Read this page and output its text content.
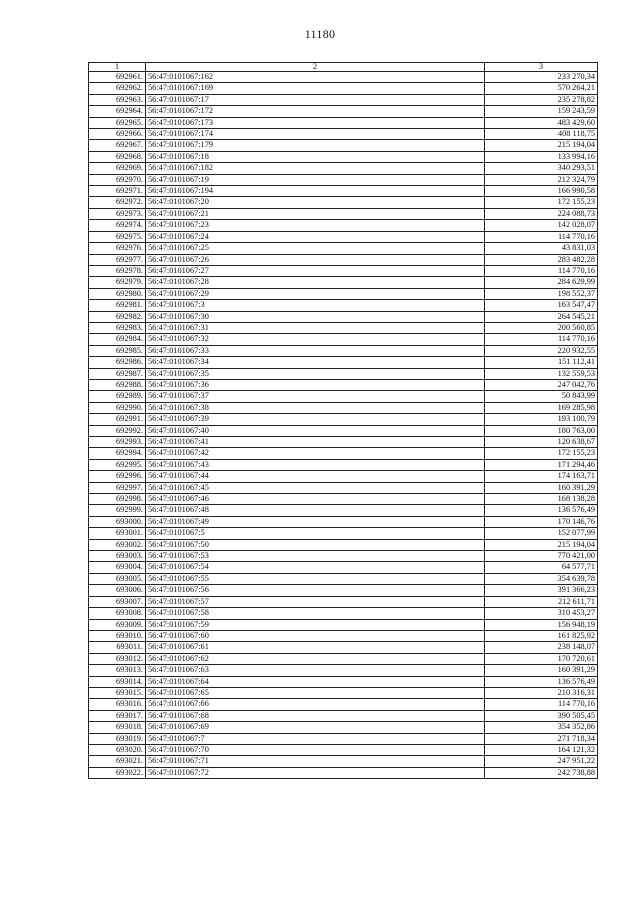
11180
1	2	3
692961.	56:47:0101067:162	233 270,34
692962.	56:47:0101067:169	570 264,21
692963.	56:47:0101067:17	235 278,82
692964.	56:47:0101067:172	159 243,59
692965.	56:47:0101067:173	483 429,60
692966.	56:47:0101067:174	408 118,75
692967.	56:47:0101067:179	215 194,04
692968.	56:47:0101067:18	133 994,16
692969.	56:47:0101067:182	340 293,51
692970.	56:47:0101067:19	212 324,79
692971.	56:47:0101067:194	166 990,58
692972.	56:47:0101067:20	172 155,23
692973.	56:47:0101067:21	224 088,73
692974.	56:47:0101067:23	142 028,07
692975.	56:47:0101067:24	114 770,16
692976.	56:47:0101067:25	43 831,03
692977.	56:47:0101067:26	283 482,28
692978.	56:47:0101067:27	114 770,16
692979.	56:47:0101067:28	284 629,99
692980.	56:47:0101067:29	198 552,37
692981.	56:47:0101067:3	163 547,47
692982.	56:47:0101067:30	264 545,21
692983.	56:47:0101067:31	200 560,85
692984.	56:47:0101067:32	114 770,16
692985.	56:47:0101067:33	220 932,55
692986.	56:47:0101067:34	151 112,41
692987.	56:47:0101067:35	132 559,53
692988.	56:47:0101067:36	247 042,76
692989.	56:47:0101067:37	50 843,99
692990.	56:47:0101067:38	169 285,98
692991.	56:47:0101067:39	193 100,79
692992.	56:47:0101067:40	180 763,00
692993.	56:47:0101067:41	120 638,67
692994.	56:47:0101067:42	172 155,23
692995.	56:47:0101067:43	171 294,46
692996.	56:47:0101067:44	174 163,71
692997.	56:47:0101067:45	160 391,29
692998.	56:47:0101067:46	168 138,28
692999.	56:47:0101067:48	136 576,49
693000.	56:47:0101067:49	170 146,76
693001.	56:47:0101067:5	152 077,99
693002.	56:47:0101067:50	215 194,04
693003.	56:47:0101067:53	770 421,00
693004.	56:47:0101067:54	64 577,71
693005.	56:47:0101067:55	354 639,78
693006.	56:47:0101067:56	391 366,23
693007.	56:47:0101067:57	212 611,71
693008.	56:47:0101067:58	310 453,27
693009.	56:47:0101067:59	156 948,19
693010.	56:47:0101067:60	161 825,92
693011.	56:47:0101067:61	238 148,07
693012.	56:47:0101067:62	170 720,61
693013.	56:47:0101067:63	160 391,29
693014.	56:47:0101067:64	136 576,49
693015.	56:47:0101067:65	210 316,31
693016.	56:47:0101067:66	114 770,16
693017.	56:47:0101067:68	390 505,45
693018.	56:47:0101067:69	354 352,86
693019.	56:47:0101067:7	271 718,34
693020.	56:47:0101067:70	164 121,32
693021.	56:47:0101067:71	247 951,22
693022.	56:47:0101067:72	242 738,88
